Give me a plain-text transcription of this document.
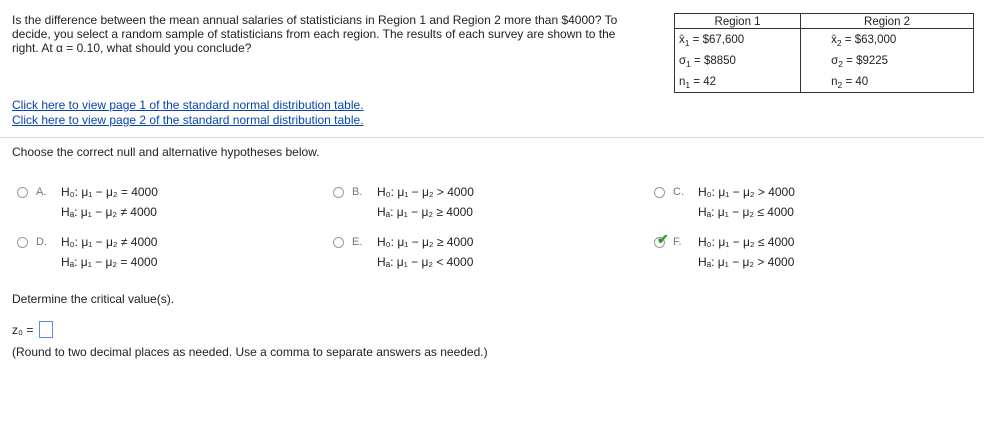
Is the difference between the mean annual salaries of statisticians in Region 1 and Region 2 more than $4000? To decide, you select a random sample of statisticians from each region. The results of each survey are shown to the right. At α = 0.10, what should you conclude?
Region 1	Region 2
$x̄_1$ = $67,600	$x̄_2$ = $63,000
$\sigma_1$ = $8850	$\sigma_2$ = $9225
$n_1 = 42$	$n_2 = 40$
Click here to view page 1 of the standard normal distribution table.
Click here to view page 2 of the standard normal distribution table.
Choose the correct null and alternative hypotheses below.
A. H₀: μ₁ − μ₂ = 4000
Hₐ: μ₁ − μ₂ ≠ 4000
B. H₀: μ₁ − μ₂ > 4000
Hₐ: μ₁ − μ₂ ≥ 4000
C. H₀: μ₁ − μ₂ > 4000
Hₐ: μ₁ − μ₂ ≤ 4000
D. H₀: μ₁ − μ₂ ≠ 4000
Hₐ: μ₁ − μ₂ = 4000
E. H₀: μ₁ − μ₂ ≥ 4000
Hₐ: μ₁ − μ₂ < 4000
✔ F. H₀: μ₁ − μ₂ ≤ 4000
Hₐ: μ₁ − μ₂ > 4000
Determine the critical value(s).
z₀ =
(Round to two decimal places as needed. Use a comma to separate answers as needed.)
